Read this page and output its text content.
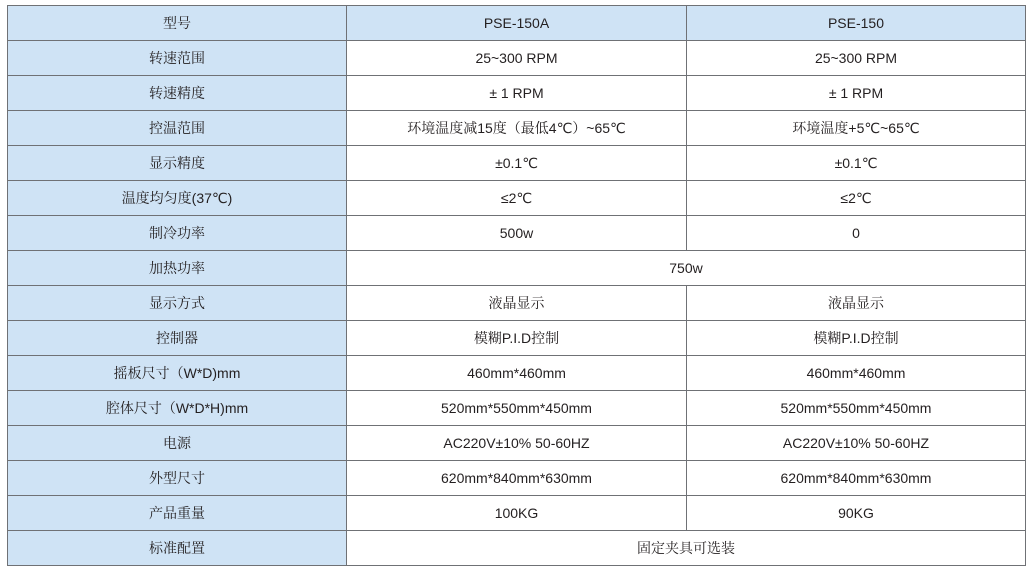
型号	PSE-150A	PSE-150
转速范围	25~300 RPM	25~300 RPM
转速精度	± 1 RPM	± 1 RPM
控温范围	环境温度减15度（最低4℃）~65℃	环境温度+5℃~65℃
显示精度	±0.1℃	±0.1℃
温度均匀度(37℃)	≤2℃	≤2℃
制冷功率	500w	0
加热功率	750w	
显示方式	液晶显示	液晶显示
控制器	模糊P.I.D控制	模糊P.I.D控制
摇板尺寸（W*D)mm	460mm*460mm	460mm*460mm
腔体尺寸（W*D*H)mm	520mm*550mm*450mm	520mm*550mm*450mm
电源	AC220V±10% 50-60HZ	AC220V±10% 50-60HZ
外型尺寸	620mm*840mm*630mm	620mm*840mm*630mm
产品重量	100KG	90KG
标准配置	固定夹具可选装	
